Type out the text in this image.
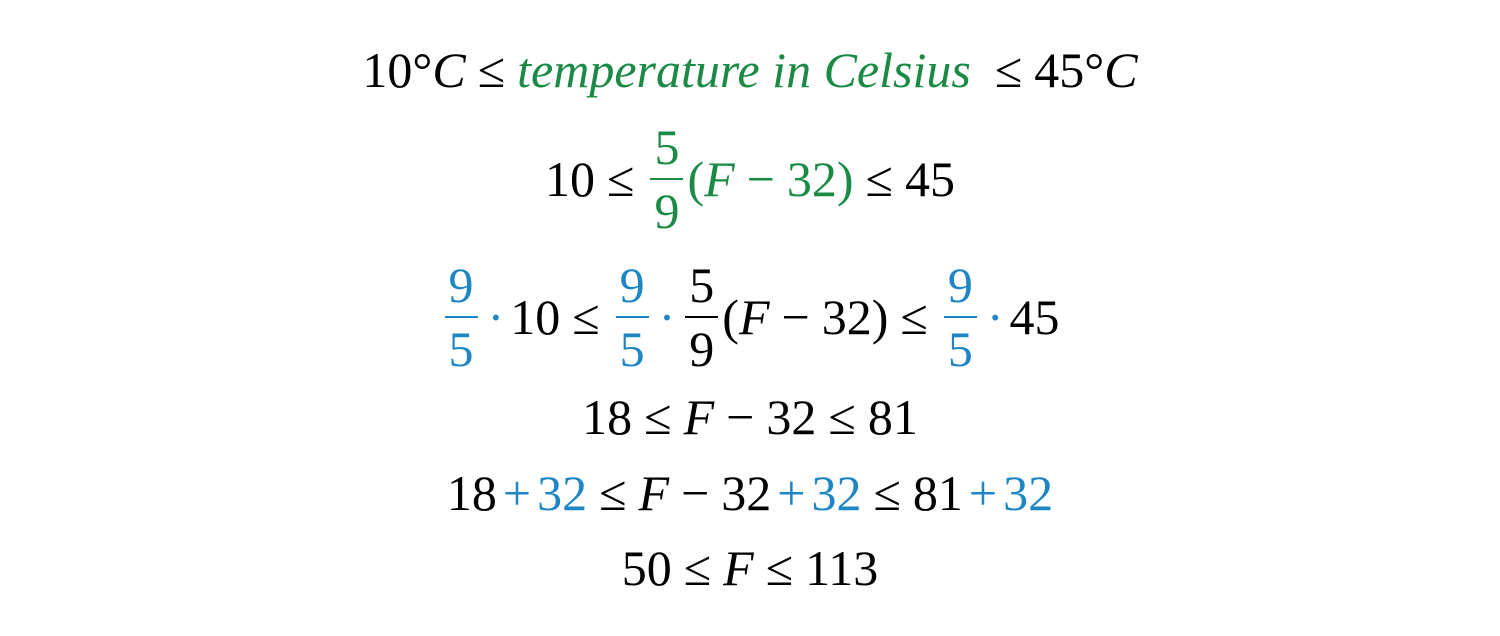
10 ° C ≤ temperature in Celsius ≤ 45 ° C
$10 \le \frac{5}{9}$ ( F − 32 ) ≤ 45
$\frac{9}{5} \cdot 10 \le \frac{9}{5} \cdot \frac{5}{9}$ ( F − 32 ) ≤ $\frac{9}{5} \cdot 45$
18 ≤ F − 32 ≤ 81
18 + 32 ≤ F − 32 + 32 ≤ 81 + 32
50 ≤ F ≤ 113
